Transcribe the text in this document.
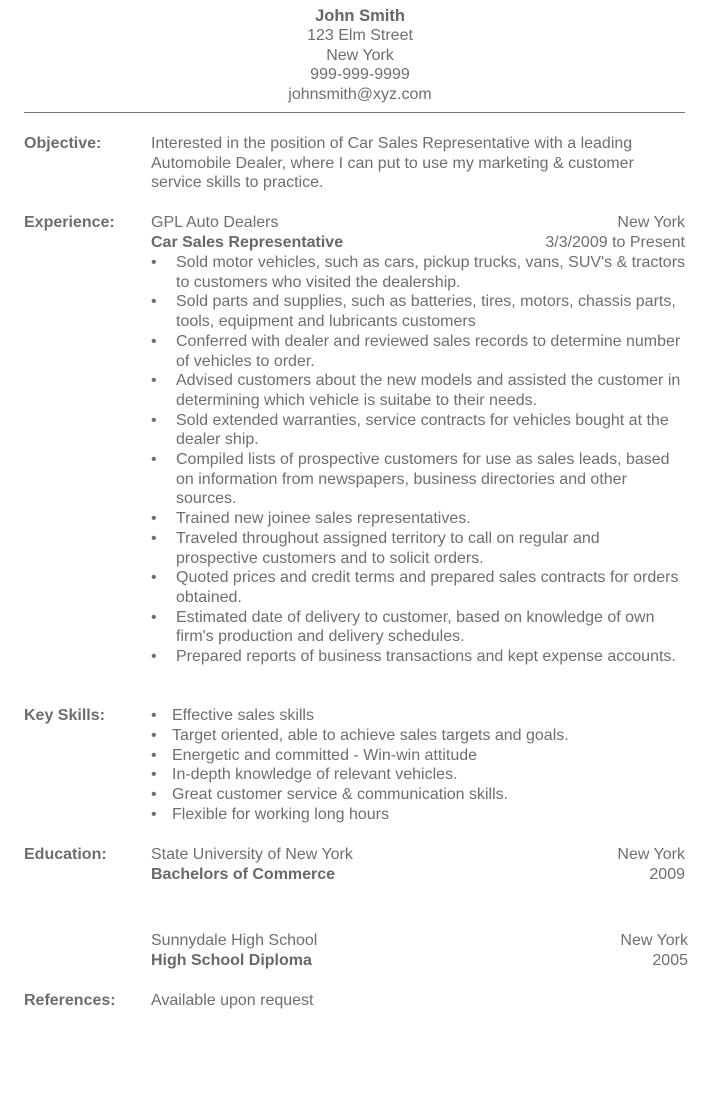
John Smith
123 Elm Street
New York
999-999-9999
johnsmith@xyz.com
Objective:	Interested in the position of Car Sales Representative with a leading Automobile Dealer, where I can put to use my marketing & customer service skills to practice.
Experience: GPL Auto Dealers	New York
Car Sales Representative	3/3/2009 to Present
• Sold motor vehicles, such as cars, pickup trucks, vans, SUV's & tractors to customers who visited the dealership.
• Sold parts and supplies, such as batteries, tires, motors, chassis parts, tools, equipment and lubricants customers
• Conferred with dealer and reviewed sales records to determine number of vehicles to order.
• Advised customers about the new models and assisted the customer in determining which vehicle is suitabe to their needs.
• Sold extended warranties, service contracts for vehicles bought at the dealer ship.
• Compiled lists of prospective customers for use as sales leads, based on information from newspapers, business directories and other sources.
• Trained new joinee sales representatives.
• Traveled throughout assigned territory to call on regular and prospective customers and to solicit orders.
• Quoted prices and credit terms and prepared sales contracts for orders obtained.
• Estimated date of delivery to customer, based on knowledge of own firm's production and delivery schedules.
• Prepared reports of business transactions and kept expense accounts.
Key Skills:	• Effective sales skills
• Target oriented, able to achieve sales targets and goals.
• Energetic and committed - Win-win attitude
• In-depth knowledge of relevant vehicles.
• Great customer service & communication skills.
• Flexible for working long hours
Education:	State University of New York	New York
Bachelors of Commerce	2009
Sunnydale High School	New York
High School Diploma	2005
References: Available upon request
